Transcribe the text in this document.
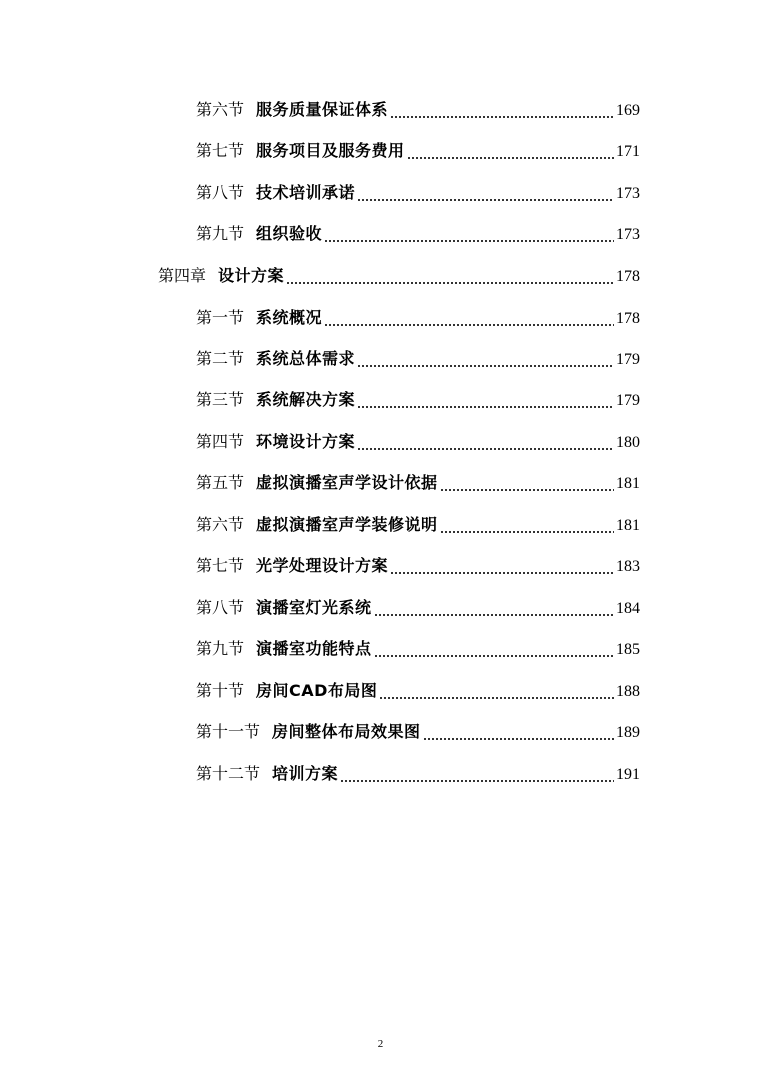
第六节 服务质量保证体系	169
第七节 服务项目及服务费用	171
第八节 技术培训承诺	173
第九节 组织验收	173
第四章 设计方案	178
第一节 系统概况	178
第二节 系统总体需求	179
第三节 系统解决方案	179
第四节 环境设计方案	180
第五节 虚拟演播室声学设计依据	181
第六节 虚拟演播室声学装修说明	181
第七节 光学处理设计方案	183
第八节 演播室灯光系统	184
第九节 演播室功能特点	185
第十节 房间CAD布局图	188
第十一节 房间整体布局效果图	189
第十二节 培训方案	191
2
